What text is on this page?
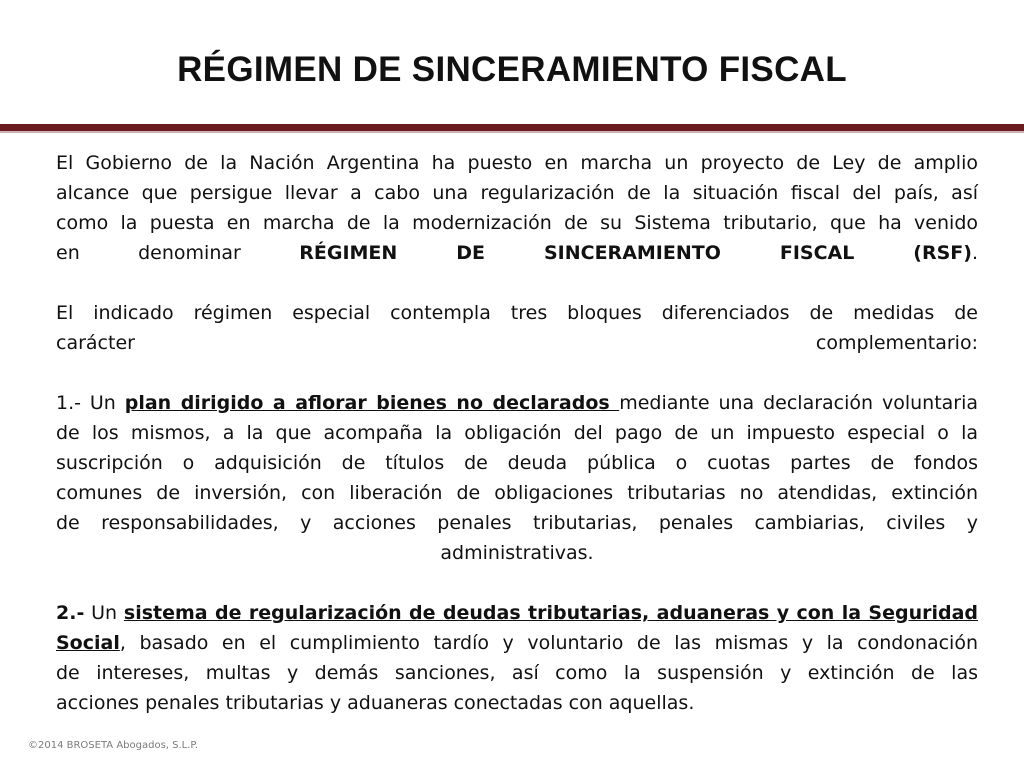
RÉGIMEN DE SINCERAMIENTO FISCAL

El Gobierno de la Nación Argentina ha puesto en marcha un proyecto de Ley de amplio
alcance que persigue llevar a cabo una regularización de la situación fiscal del país, así
como la puesta en marcha de la modernización de su Sistema tributario, que ha venido
en denominar RÉGIMEN DE SINCERAMIENTO FISCAL (RSF).

El indicado régimen especial contempla tres bloques diferenciados de medidas de
carácter complementario:

1.- Un plan dirigido a aflorar bienes no declarados mediante una declaración voluntaria
de los mismos, a la que acompaña la obligación del pago de un impuesto especial o la
suscripción o adquisición de títulos de deuda pública o cuotas partes de fondos
comunes de inversión, con liberación de obligaciones tributarias no atendidas, extinción
de responsabilidades, y acciones penales tributarias, penales cambiarias, civiles y
administrativas.

2.- Un sistema de regularización de deudas tributarias, aduaneras y con la Seguridad
Social, basado en el cumplimiento tardío y voluntario de las mismas y la condonación
de intereses, multas y demás sanciones, así como la suspensión y extinción de las
acciones penales tributarias y aduaneras conectadas con aquellas.

©2014 BROSETA Abogados, S.L.P.
